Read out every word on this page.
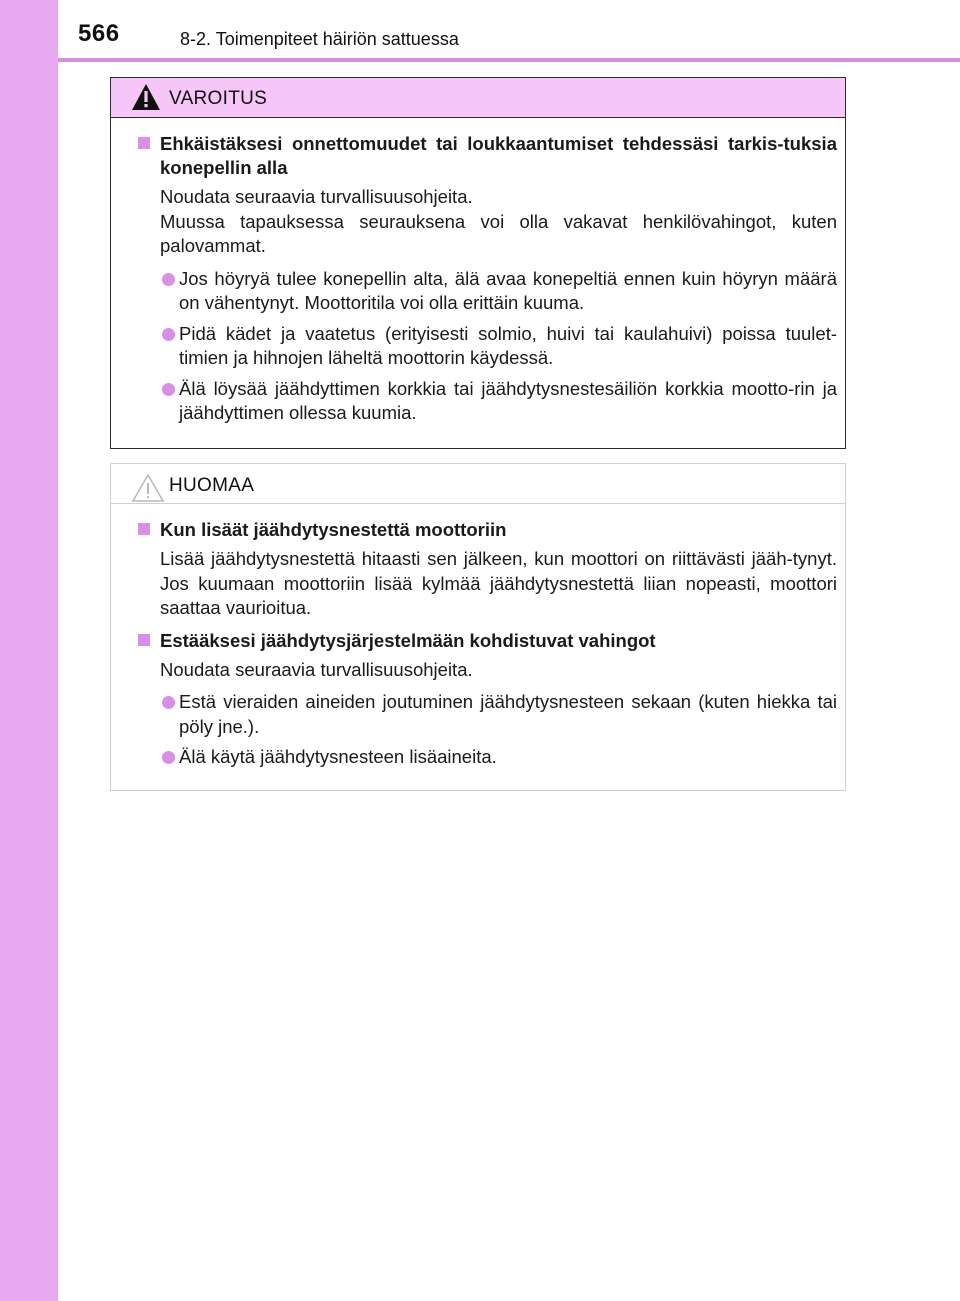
566	8-2. Toimenpiteet häiriön sattuessa
VAROITUS
Ehkäistäksesi onnettomuudet tai loukkaantumiset tehdessäsi tarkis-tuksia konepellin alla
Noudata seuraavia turvallisuusohjeita.
Muussa tapauksessa seurauksena voi olla vakavat henkilövahingot, kuten palovammat.
Jos höyryä tulee konepellin alta, älä avaa konepeltiä ennen kuin höyryn määrä on vähentynyt. Moottoritila voi olla erittäin kuuma.
Pidä kädet ja vaatetus (erityisesti solmio, huivi tai kaulahuivi) poissa tuulet-timien ja hihnojen läheltä moottorin käydessä.
Älä löysää jäähdyttimen korkkia tai jäähdytysnestesäiliön korkkia mootto-rin ja jäähdyttimen ollessa kuumia.
HUOMAA
Kun lisäät jäähdytysnestettä moottoriin
Lisää jäähdytysnestettä hitaasti sen jälkeen, kun moottori on riittävästi jääh-tynyt. Jos kuumaan moottoriin lisää kylmää jäähdytysnestettä liian nopeasti, moottori saattaa vaurioitua.
Estääksesi jäähdytysjärjestelmään kohdistuvat vahingot
Noudata seuraavia turvallisuusohjeita.
Estä vieraiden aineiden joutuminen jäähdytysnesteen sekaan (kuten hiekka tai pöly jne.).
Älä käytä jäähdytysnesteen lisäaineita.
